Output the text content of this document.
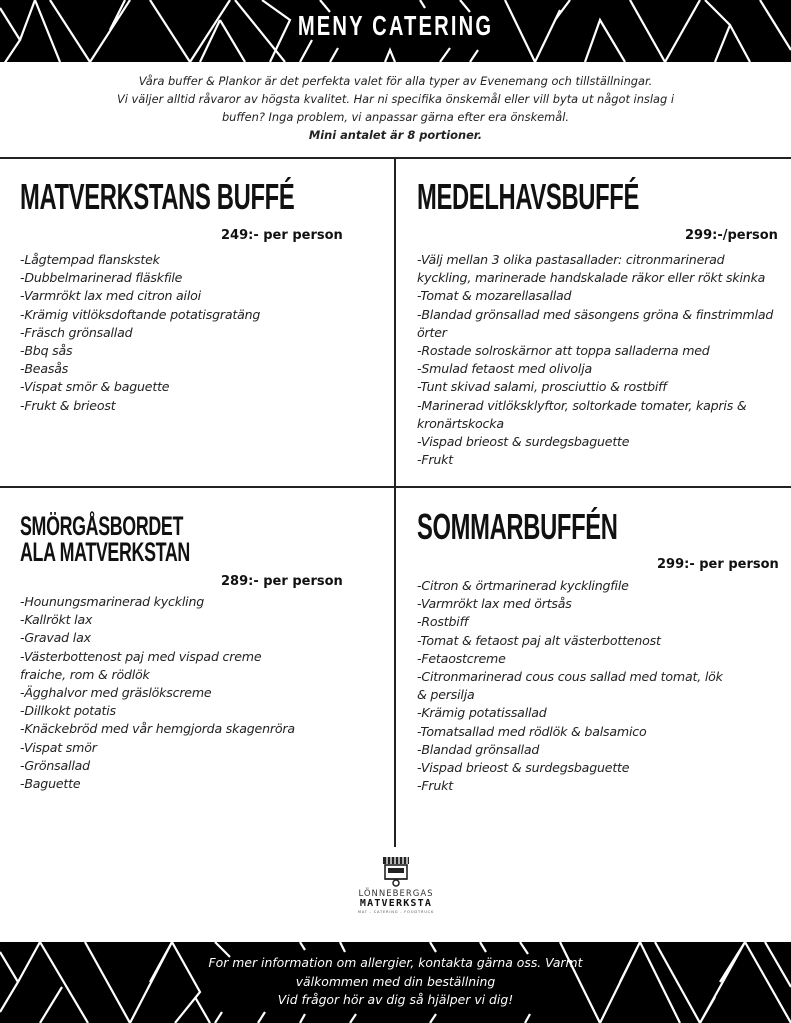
MENY CATERING

Våra buffer & Plankor är det perfekta valet för alla typer av Evenemang och tillställningar.

Vi väljer alltid råvaror av högsta kvalitet. Har ni specifika önskemål eller vill byta ut något inslag i

buffen? Inga problem, vi anpassar gärna efter era önskemål.

Mini antalet är 8 portioner.

MATVERKSTANS BUFFÉ
249:- per person
-Lågtempad flanskstek
-Dubbelmarinerad fläskfile
-Varmrökt lax med citron ailoi
-Krämig vitlöksdoftande potatisgratäng
-Fräsch grönsallad
-Bbq sås
-Beasås
-Vispat smör & baguette
-Frukt & brieost
MEDELHAVSBUFFÉ
299:-/person
-Välj mellan 3 olika pastasallader: citronmarinerad
kyckling, marinerade handskalade räkor eller rökt skinka
-Tomat & mozarellasallad
-Blandad grönsallad med säsongens gröna & finstrimmlad
örter
-Rostade solroskärnor att toppa salladerna med
-Smulad fetaost med olivolja
-Tunt skivad salami, prosciuttio & rostbiff
-Marinerad vitlöksklyftor, soltorkade tomater, kapris &
kronärtskocka
-Vispad brieost & surdegsbaguette
-Frukt
SMÖRGÅSBORDET
ALA MATVERKSTAN
289:- per person
-Hounungsmarinerad kyckling
-Kallrökt lax
-Gravad lax
-Västerbottenost paj med vispad creme
fraiche, rom & rödlök
-Ägghalvor med gräslökscreme
-Dillkokt potatis
-Knäckebröd med vår hemgjorda skagenröra
-Vispat smör
-Grönsallad
-Baguette
SOMMARBUFFÉN
299:- per person
-Citron & örtmarinerad kycklingfile
-Varmrökt lax med örtsås
-Rostbiff
-Tomat & fetaost paj alt västerbottenost
-Fetaostcreme
-Citronmarinerad cous cous sallad med tomat, lök
& persilja
-Krämig potatissallad
-Tomatsallad med rödlök & balsamico
-Blandad grönsallad
-Vispad brieost & surdegsbaguette
-Frukt
LÖNNEBERGAS
MATVERKSTA
MAT - CATERING - FOODTRUCK

For mer information om allergier, kontakta gärna oss. Varmt

välkommen med din beställning

Vid frågor hör av dig så hjälper vi dig!
